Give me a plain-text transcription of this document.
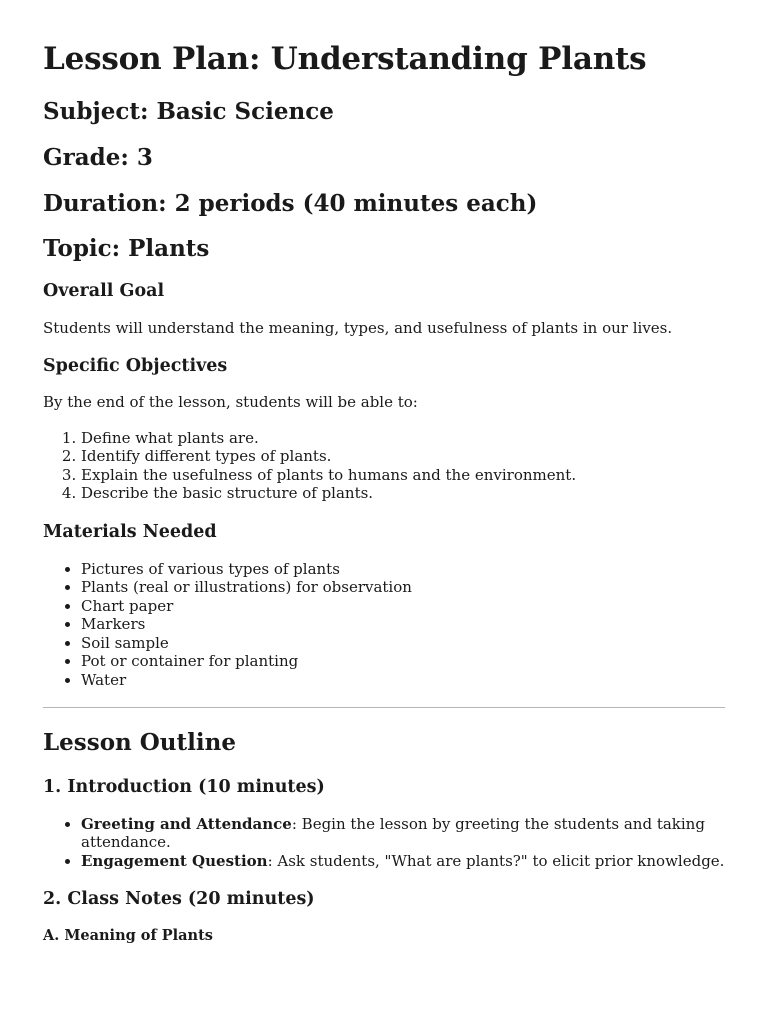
Lesson Plan: Understanding Plants
Subject: Basic Science
Grade: 3
Duration: 2 periods (40 minutes each)
Topic: Plants
Overall Goal

Students will understand the meaning, types, and usefulness of plants in our lives.

Specific Objectives

By the end of the lesson, students will be able to:

1. Define what plants are.
2. Identify different types of plants.
3. Explain the usefulness of plants to humans and the environment.
4. Describe the basic structure of plants.
Materials Needed
• Pictures of various types of plants
• Plants (real or illustrations) for observation
• Chart paper
• Markers
• Soil sample
• Pot or container for planting
• Water
Lesson Outline
1. Introduction (10 minutes)
• Greeting and Attendance: Begin the lesson by greeting the students and taking attendance.
• Engagement Question: Ask students, "What are plants?" to elicit prior knowledge.
2. Class Notes (20 minutes)
A. Meaning of Plants
